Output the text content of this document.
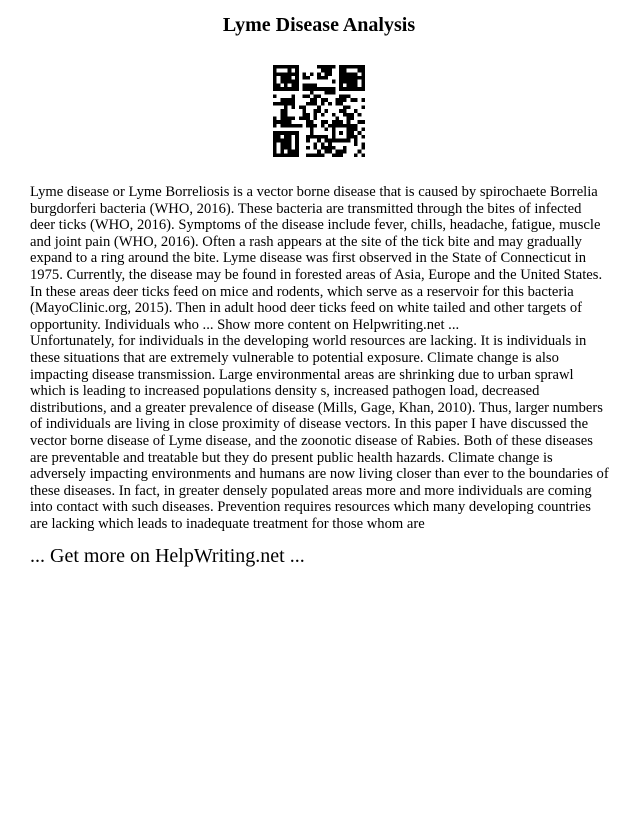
Lyme Disease Analysis

Lyme disease or Lyme Borreliosis is a vector borne disease that is caused by spirochaete Borrelia burgdorferi bacteria (WHO, 2016). These bacteria are transmitted through the bites of infected deer ticks (WHO, 2016). Symptoms of the disease include fever, chills, headache, fatigue, muscle and joint pain (WHO, 2016). Often a rash appears at the site of the tick bite and may gradually expand to a ring around the bite. Lyme disease was first observed in the State of Connecticut in 1975. Currently, the disease may be found in forested areas of Asia, Europe and the United States. In these areas deer ticks feed on mice and rodents, which serve as a reservoir for this bacteria (MayoClinic.org, 2015). Then in adult hood deer ticks feed on white tailed and other targets of opportunity. Individuals who ... Show more content on Helpwriting.net ...

Unfortunately, for individuals in the developing world resources are lacking. It is individuals in these situations that are extremely vulnerable to potential exposure. Climate change is also impacting disease transmission. Large environmental areas are shrinking due to urban sprawl which is leading to increased populations density s, increased pathogen load, decreased distributions, and a greater prevalence of disease (Mills, Gage, Khan, 2010). Thus, larger numbers of individuals are living in close proximity of disease vectors. In this paper I have discussed the vector borne disease of Lyme disease, and the zoonotic disease of Rabies. Both of these diseases are preventable and treatable but they do present public health hazards. Climate change is adversely impacting environments and humans are now living closer than ever to the boundaries of these diseases. In fact, in greater densely populated areas more and more individuals are coming into contact with such diseases. Prevention requires resources which many developing countries are lacking which leads to inadequate treatment for those whom are

... Get more on HelpWriting.net ...
